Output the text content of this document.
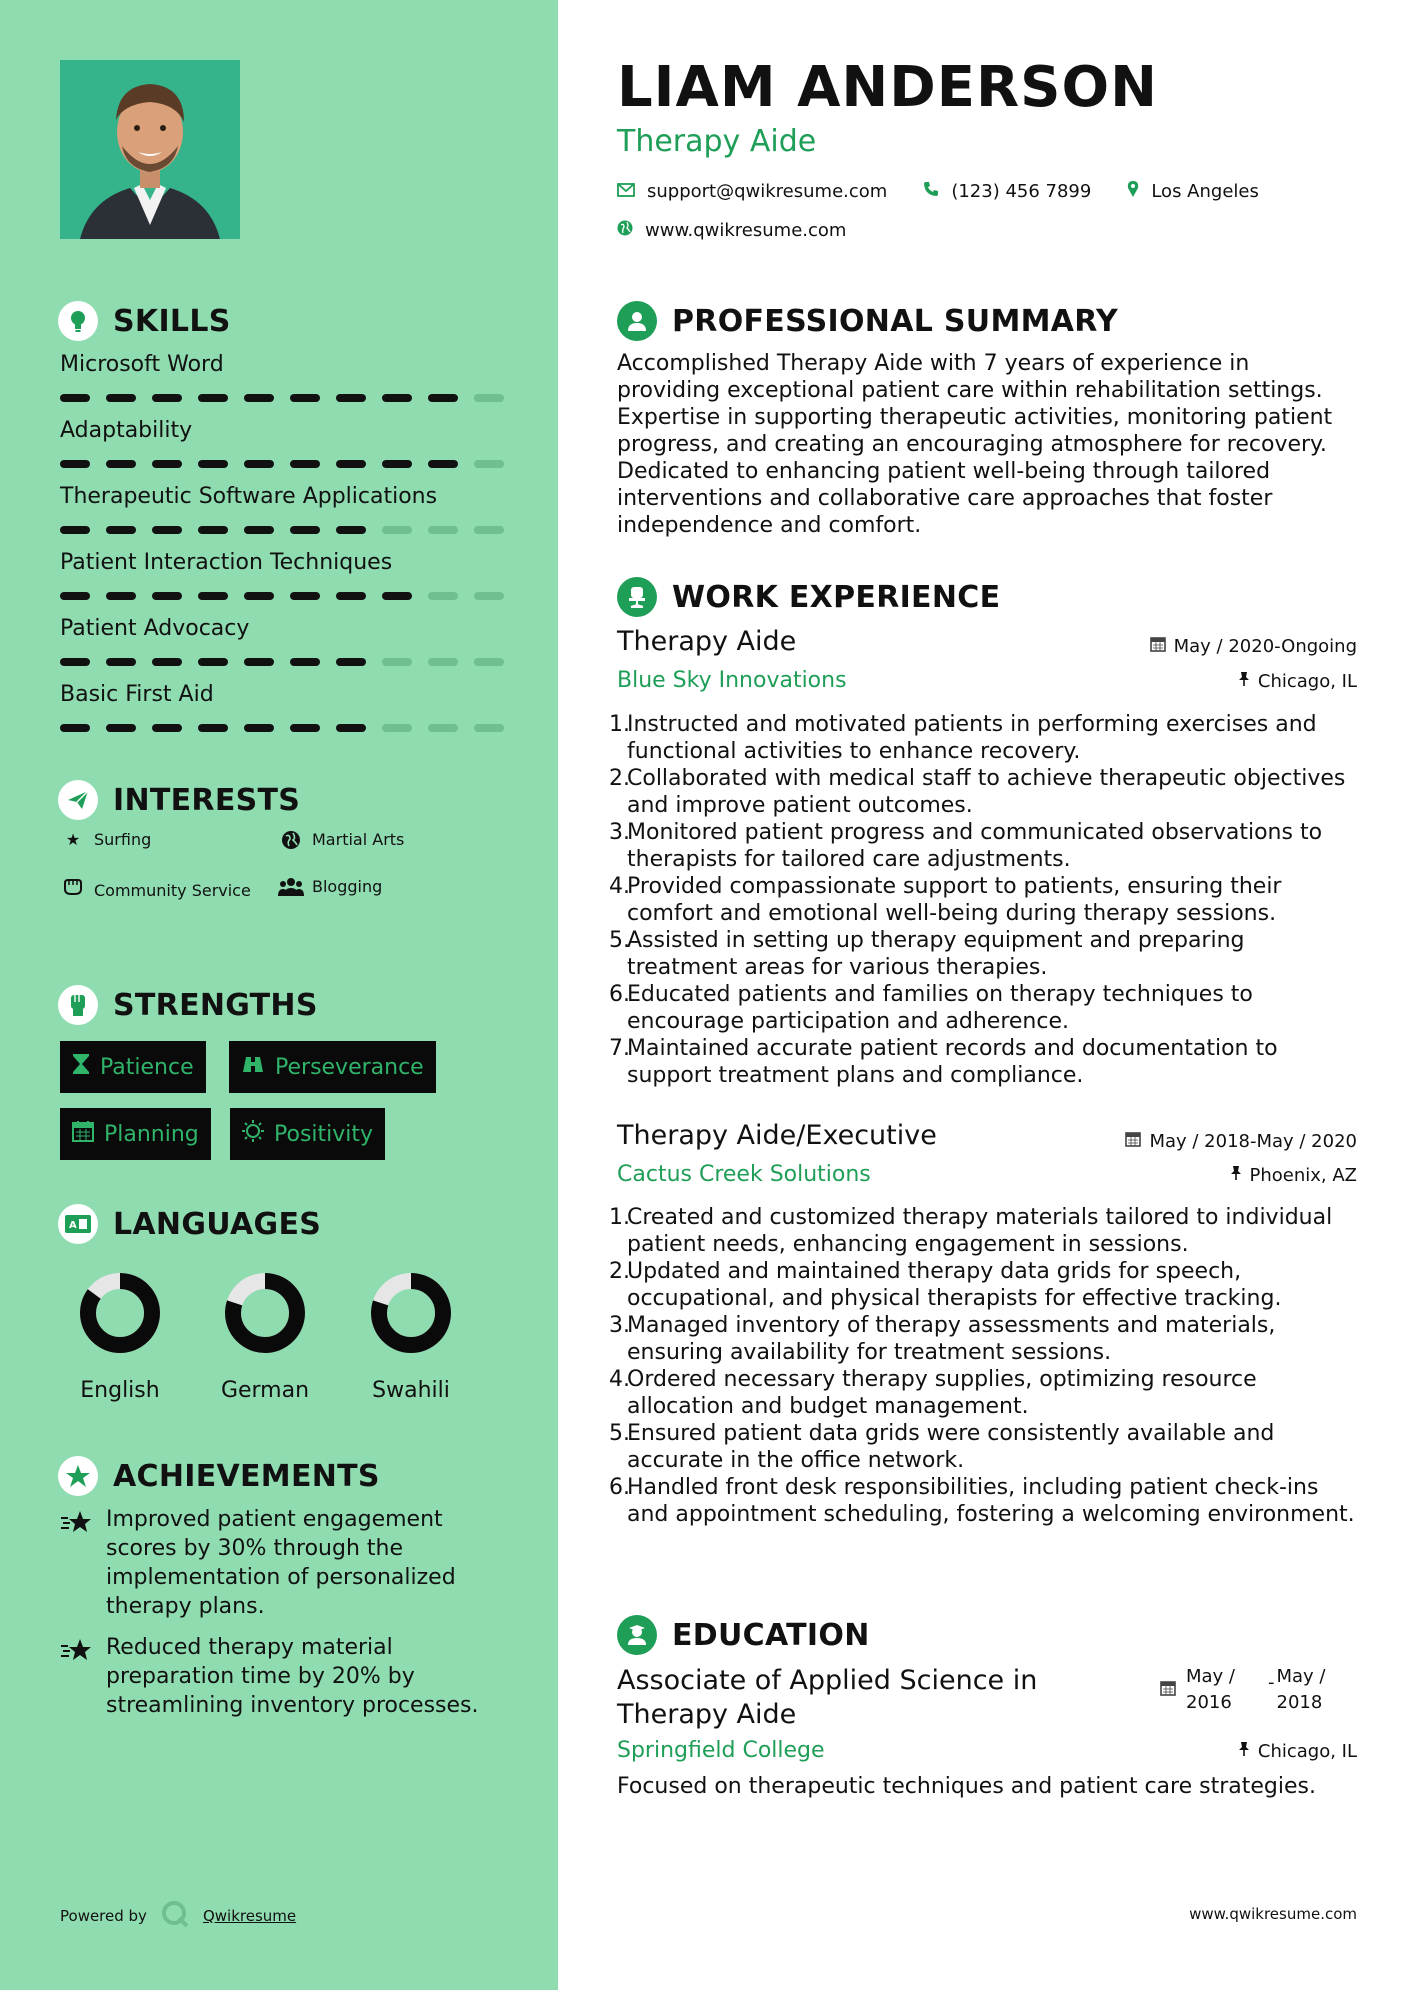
SKILLS
Microsoft Word
Adaptability
Therapeutic Software Applications
Patient Interaction Techniques
Patient Advocacy
Basic First Aid
INTERESTS
★ Surfing	Martial Arts
Community Service	Blogging
STRENGTHS
Patience	Perseverance
Planning	Positivity
A LANGUAGES
English	German	Swahili
ACHIEVEMENTS
Improved patient engagement scores by 30% through the implementation of personalized therapy plans.
Reduced therapy material preparation time by 20% by streamlining inventory processes.
Powered by	Qwikresume
LIAM ANDERSON
Therapy Aide
support@qwikresume.com	(123) 456 7899	Los Angeles
www.qwikresume.com
PROFESSIONAL SUMMARY
Accomplished Therapy Aide with 7 years of experience in providing exceptional patient care within rehabilitation settings. Expertise in supporting therapeutic activities, monitoring patient progress, and creating an encouraging atmosphere for recovery. Dedicated to enhancing patient well-being through tailored interventions and collaborative care approaches that foster independence and comfort.
WORK EXPERIENCE
Therapy Aide	May / 2020-Ongoing
Blue Sky Innovations	Chicago, IL
1.
Instructed and motivated patients in performing exercises and functional activities to enhance recovery.
2.
Collaborated with medical staff to achieve therapeutic objectives and improve patient outcomes.
3.
Monitored patient progress and communicated observations to therapists for tailored care adjustments.
4.
Provided compassionate support to patients, ensuring their comfort and emotional well-being during therapy sessions.
5.
Assisted in setting up therapy equipment and preparing treatment areas for various therapies.
6.
Educated patients and families on therapy techniques to encourage participation and adherence.
7.
Maintained accurate patient records and documentation to support treatment plans and compliance.
Therapy Aide/Executive	May / 2018-May / 2020
Cactus Creek Solutions	Phoenix, AZ
1.
Created and customized therapy materials tailored to individual patient needs, enhancing engagement in sessions.
2.
Updated and maintained therapy data grids for speech, occupational, and physical therapists for effective tracking.
3.
Managed inventory of therapy assessments and materials, ensuring availability for treatment sessions.
4.
Ordered necessary therapy supplies, optimizing resource allocation and budget management.
5.
Ensured patient data grids were consistently available and accurate in the office network.
6.
Handled front desk responsibilities, including patient check-ins and appointment scheduling, fostering a welcoming environment.
EDUCATION
Associate of Applied Science in Therapy Aide
May / 2016
- May / 2018
Springfield College	Chicago, IL
Focused on therapeutic techniques and patient care strategies.
www.qwikresume.com
